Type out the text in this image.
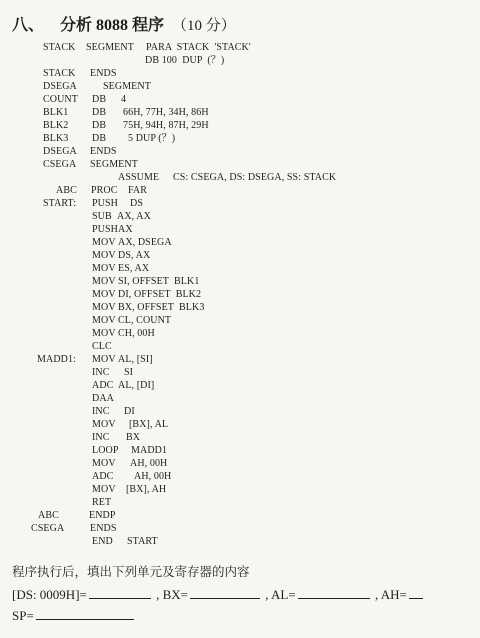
八、 分析 8088 程序 （10 分）
STACK SEGMENT PARA  STACK  'STACK'
DB 100  DUP  (？)
STACK ENDS
DSEGA	SEGMENT
COUNT DB 4
BLK1 DB 66H, 77H, 34H, 86H
BLK2 DB 75H, 94H, 87H, 29H
BLK3 DB 5 DUP (？)
DSEGA ENDS
CSEGA SEGMENT
ASSUME CS: CSEGA, DS: DSEGA, SS: STACK
ABC PROC FAR
START: PUSH DS
SUB AX, AX
PUSH AX
MOV AX, DSEGA
MOV DS, AX
MOV ES, AX
MOV SI, OFFSET  BLK1
MOV DI, OFFSET  BLK2
MOV BX, OFFSET  BLK3
MOV CL, COUNT
MOV CH, 00H
CLC
MADD1: MOV AL, [SI]
INC SI
ADC AL, [DI]
DAA
INC DI
MOV [BX], AL
INC BX
LOOP MADD1
MOV AH, 00H
ADC AH, 00H
MOV [BX], AH
RET
ABC	ENDP
CSEGA	ENDS
END START
程序执行后，填出下列单元及寄存器的内容
[DS: 0009H]=	, BX=	, AL=	, AH=
SP=
